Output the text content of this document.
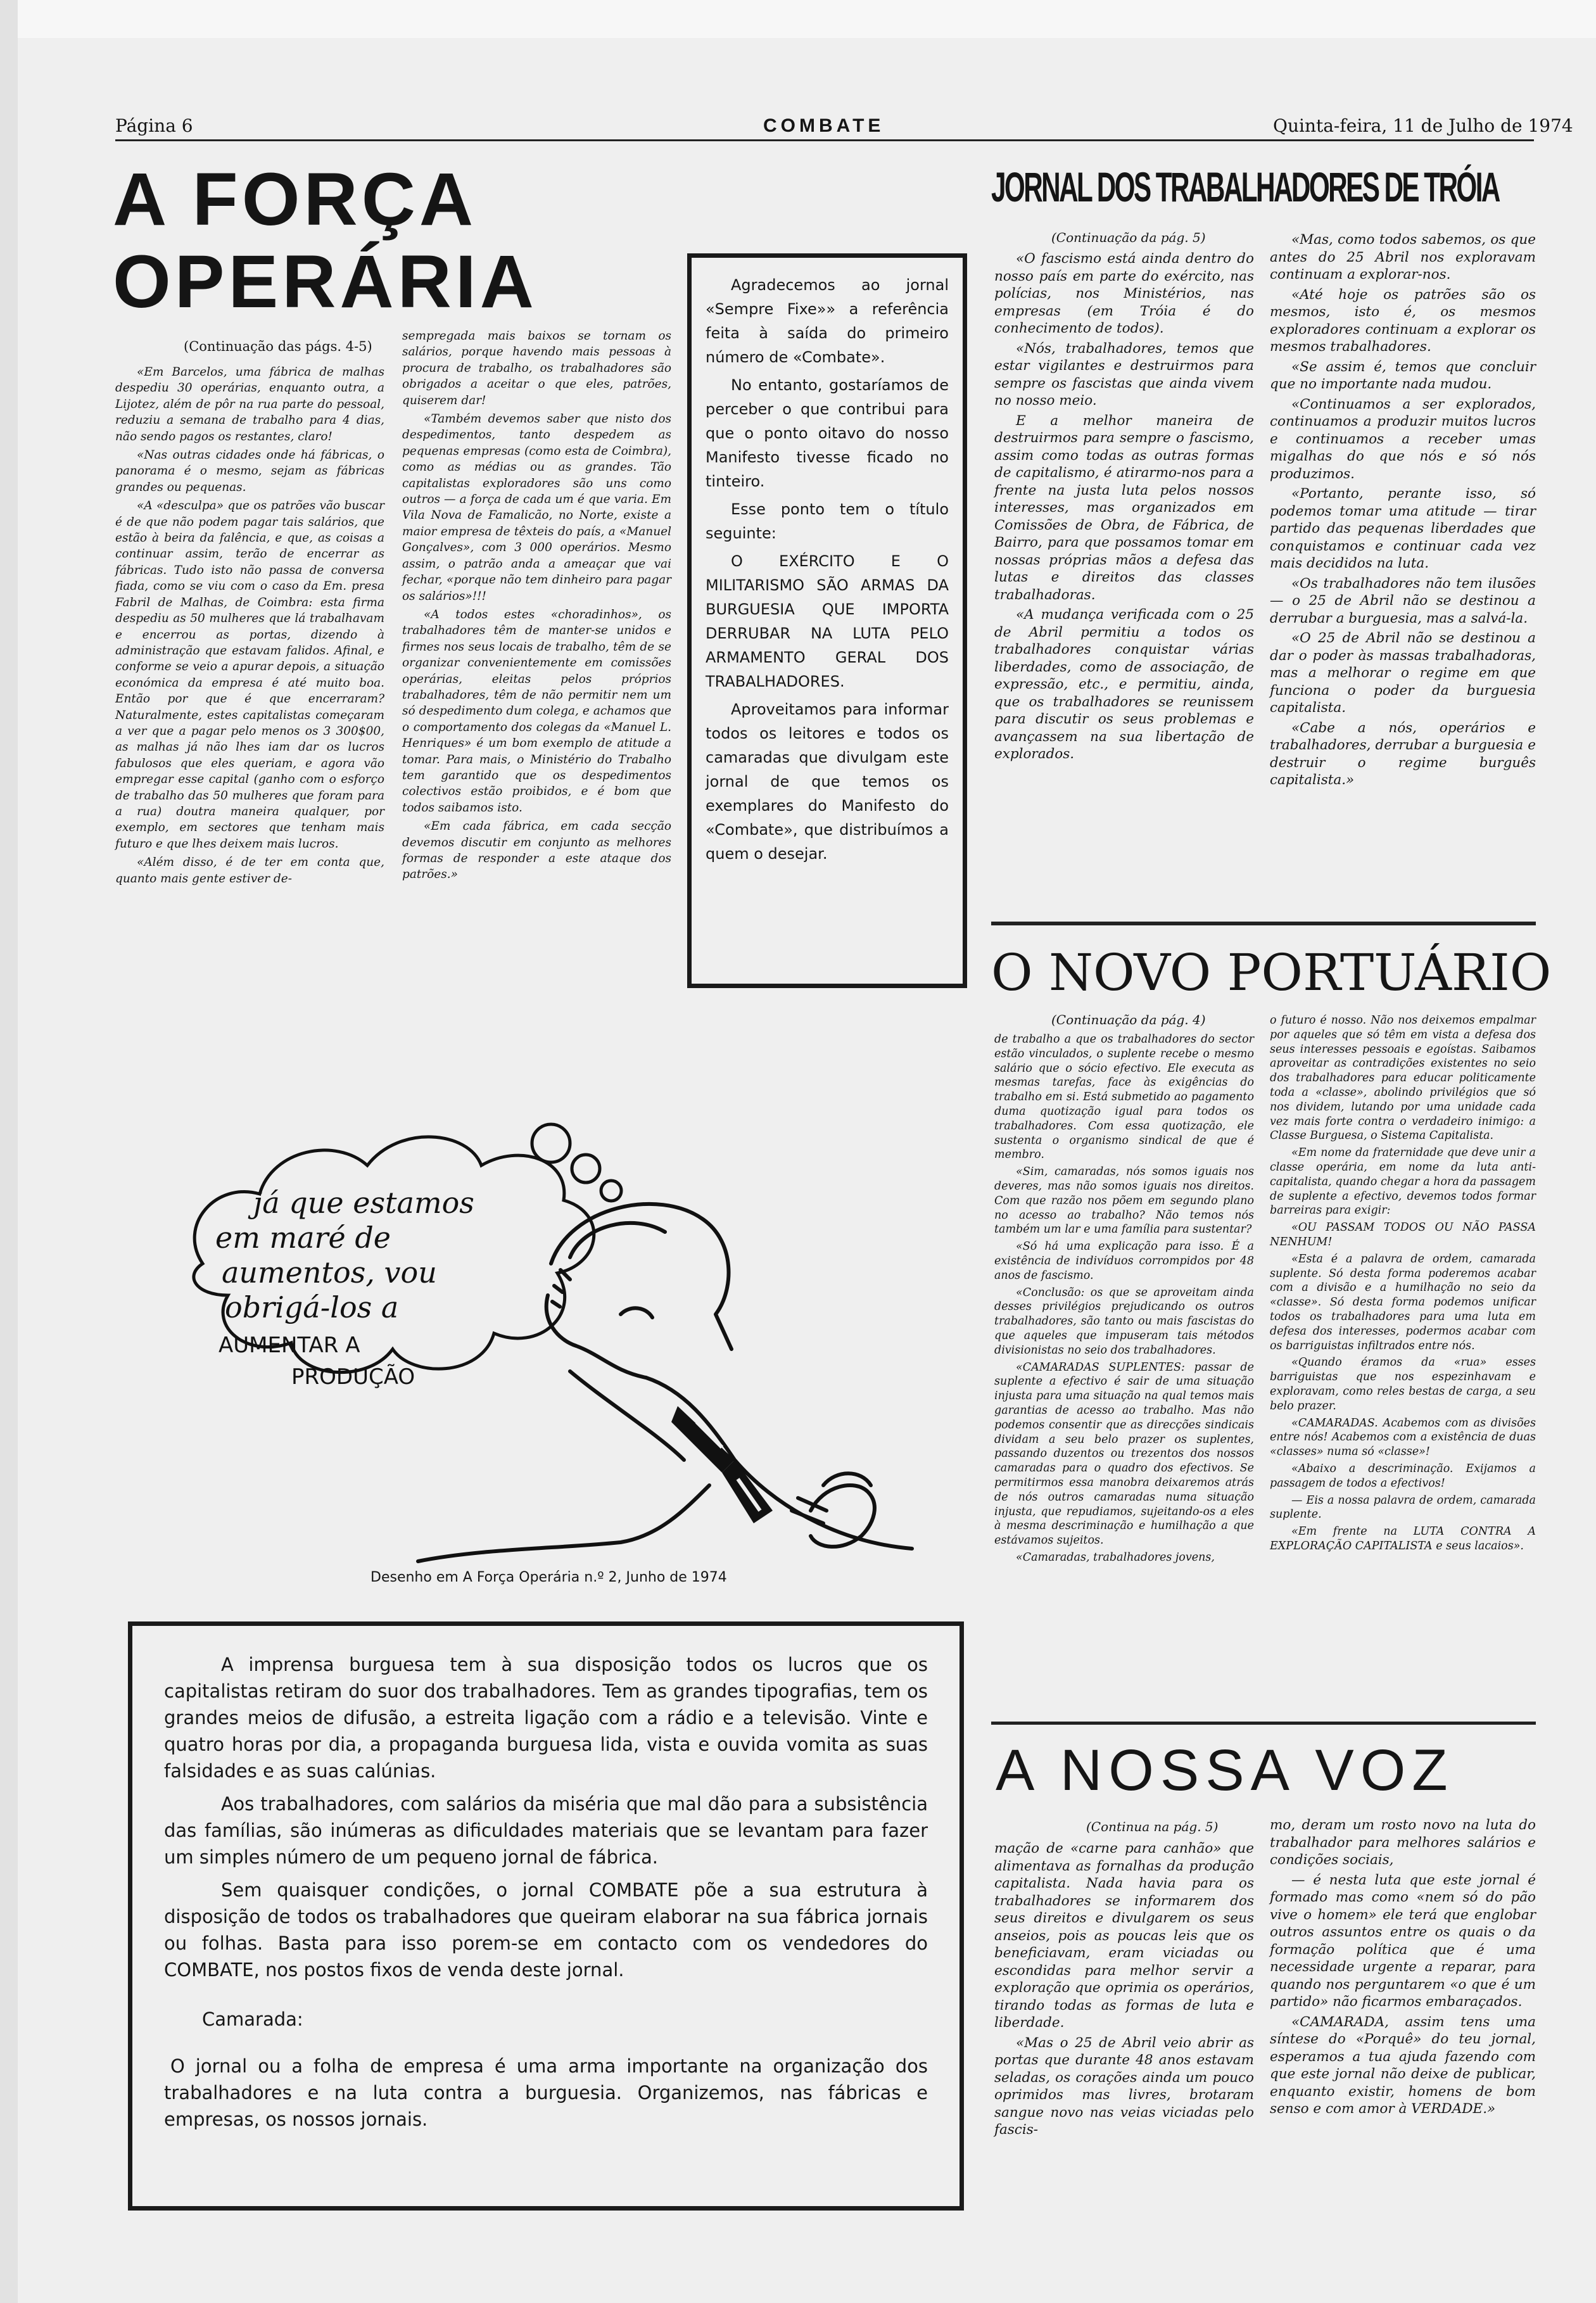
Página 6	COMBATE	Quinta-feira, 11 de Julho de 1974
A FORÇA
OPERÁRIA
(Continuação das págs. 4-5)

«Em Barcelos, uma fábrica de malhas despediu 30 operárias, enquanto outra, a Lijotez, além de pôr na rua parte do pessoal, reduziu a semana de trabalho para 4 dias, não sendo pagos os restantes, claro!

«Nas outras cidades onde há fábricas, o panorama é o mesmo, sejam as fábricas grandes ou pequenas.

«A «desculpa» que os patrões vão buscar é de que não podem pagar tais salários, que estão à beira da falência, e que, as coisas a continuar assim, terão de encerrar as fábricas. Tudo isto não passa de conversa fiada, como se viu com o caso da Em. presa Fabril de Malhas, de Coimbra: esta firma despediu as 50 mulheres que lá trabalhavam e encerrou as portas, dizendo à administração que estavam falidos. Afinal, e conforme se veio a apurar depois, a situação económica da empresa é até muito boa. Então por que é que encerraram? Naturalmente, estes capitalistas começaram a ver que a pagar pelo menos os 3 300$00, as malhas já não lhes iam dar os lucros fabulosos que eles queriam, e agora vão empregar esse capital (ganho com o esforço de trabalho das 50 mulheres que foram para a rua) doutra maneira qualquer, por exemplo, em sectores que tenham mais futuro e que lhes deixem mais lucros.

«Além disso, é de ter em conta que, quanto mais gente estiver de-

sempregada mais baixos se tornam os salários, porque havendo mais pessoas à procura de trabalho, os trabalhadores são obrigados a aceitar o que eles, patrões, quiserem dar!

«Também devemos saber que nisto dos despedimentos, tanto despedem as pequenas empresas (como esta de Coimbra), como as médias ou as grandes. Tão capitalistas exploradores são uns como outros — a força de cada um é que varia. Em Vila Nova de Famalicão, no Norte, existe a maior empresa de têxteis do país, a «Manuel Gonçalves», com 3 000 operários. Mesmo assim, o patrão anda a ameaçar que vai fechar, «porque não tem dinheiro para pagar os salários»!!!

«A todos estes «choradinhos», os trabalhadores têm de manter-se unidos e firmes nos seus locais de trabalho, têm de se organizar convenientemente em comissões operárias, eleitas pelos próprios trabalhadores, têm de não permitir nem um só despedimento dum colega, e achamos que o comportamento dos colegas da «Manuel L. Henriques» é um bom exemplo de atitude a tomar. Para mais, o Ministério do Trabalho tem garantido que os despedimentos colectivos estão proibidos, e é bom que todos saibamos isto.

«Em cada fábrica, em cada secção devemos discutir em conjunto as melhores formas de responder a este ataque dos patrões.»

Agradecemos ao jornal «Sempre Fixe»» a referência feita à saída do primeiro número de «Combate».
No entanto, gostaríamos de perceber o que contribui para que o ponto oitavo do nosso Manifesto tivesse ficado no tinteiro.
Esse ponto tem o título seguinte:
O EXÉRCITO E O MILITARISMO SÃO ARMAS DA BURGUESIA QUE IMPORTA DERRUBAR NA LUTA PELO ARMAMENTO GERAL DOS TRABALHADORES.
Aproveitamos para informar todos os leitores e todos os camaradas que divulgam este jornal de que temos os exemplares do Manifesto do «Combate», que distribuímos a quem o desejar.
já que estamos
em maré de
aumentos, vou
obrigá-los a
AUMENTAR A
PRODUÇÃO
Desenho em A Força Operária n.º 2, Junho de 1974
A imprensa burguesa tem à sua disposição todos os lucros que os capitalistas retiram do suor dos trabalhadores. Tem as grandes tipografias, tem os grandes meios de difusão, a estreita ligação com a rádio e a televisão. Vinte e quatro horas por dia, a propaganda burguesa lida, vista e ouvida vomita as suas falsidades e as suas calúnias.
Aos trabalhadores, com salários da miséria que mal dão para a subsistência das famílias, são inúmeras as dificuldades materiais que se levantam para fazer um simples número de um pequeno jornal de fábrica.
Sem quaisquer condições, o jornal COMBATE põe a sua estrutura à disposição de todos os trabalhadores que queiram elaborar na sua fábrica jornais ou folhas. Basta para isso porem-se em contacto com os vendedores do COMBATE, nos postos fixos de venda deste jornal.
Camarada:
O jornal ou a folha de empresa é uma arma importante na organização dos trabalhadores e na luta contra a burguesia. Organizemos, nas fábricas e empresas, os nossos jornais.
JORNAL DOS TRABALHADORES DE TRÓIA
(Continuação da pág. 5)

«O fascismo está ainda dentro do nosso país em parte do exército, nas polícias, nos Ministérios, nas empresas (em Tróia é do conhecimento de todos).

«Nós, trabalhadores, temos que estar vigilantes e destruirmos para sempre os fascistas que ainda vivem no nosso meio.

E a melhor maneira de destruirmos para sempre o fascismo, assim como todas as outras formas de capitalismo, é atirarmo-nos para a frente na justa luta pelos nossos interesses, mas organizados em Comissões de Obra, de Fábrica, de Bairro, para que possamos tomar em nossas próprias mãos a defesa das lutas e direitos das classes trabalhadoras.

«A mudança verificada com o 25 de Abril permitiu a todos os trabalhadores conquistar várias liberdades, como de associação, de expressão, etc., e permitiu, ainda, que os trabalhadores se reunissem para discutir os seus problemas e avançassem na sua libertação de explorados.

«Mas, como todos sabemos, os que antes do 25 Abril nos exploravam continuam a explorar-nos.

«Até hoje os patrões são os mesmos, isto é, os mesmos exploradores continuam a explorar os mesmos trabalhadores.

«Se assim é, temos que concluir que no importante nada mudou.

«Continuamos a ser explorados, continuamos a produzir muitos lucros e continuamos a receber umas migalhas do que nós e só nós produzimos.

«Portanto, perante isso, só podemos tomar uma atitude — tirar partido das pequenas liberdades que conquistamos e continuar cada vez mais decididos na luta.

«Os trabalhadores não tem ilusões — o 25 de Abril não se destinou a derrubar a burguesia, mas a salvá-la.

«O 25 de Abril não se destinou a dar o poder às massas trabalhadoras, mas a melhorar o regime em que funciona o poder da burguesia capitalista.

«Cabe a nós, operários e trabalhadores, derrubar a burguesia e destruir o regime burguês capitalista.»

O NOVO PORTUÁRIO
(Continuação da pág. 4)

de trabalho a que os trabalhadores do sector estão vinculados, o suplente recebe o mesmo salário que o sócio efectivo. Ele executa as mesmas tarefas, face às exigências do trabalho em si. Está submetido ao pagamento duma quotização igual para todos os trabalhadores. Com essa quotização, ele sustenta o organismo sindical de que é membro.

«Sim, camaradas, nós somos iguais nos deveres, mas não somos iguais nos direitos. Com que razão nos põem em segundo plano no acesso ao trabalho? Não temos nós também um lar e uma família para sustentar?

«Só há uma explicação para isso. É a existência de indivíduos corrompidos por 48 anos de fascismo.

«Conclusão: os que se aproveitam ainda desses privilégios prejudicando os outros trabalhadores, são tanto ou mais fascistas do que aqueles que impuseram tais métodos divisionistas no seio dos trabalhadores.

«CAMARADAS SUPLENTES: passar de suplente a efectivo é sair de uma situação injusta para uma situação na qual temos mais garantias de acesso ao trabalho. Mas não podemos consentir que as direcções sindicais dividam a seu belo prazer os suplentes, passando duzentos ou trezentos dos nossos camaradas para o quadro dos efectivos. Se permitirmos essa manobra deixaremos atrás de nós outros camaradas numa situação injusta, que repudiamos, sujeitando-os a eles à mesma descriminação e humilhação a que estávamos sujeitos.

«Camaradas, trabalhadores jovens,

o futuro é nosso. Não nos deixemos empalmar por aqueles que só têm em vista a defesa dos seus interesses pessoais e egoístas. Saibamos aproveitar as contradições existentes no seio dos trabalhadores para educar politicamente toda a «classe», abolindo privilégios que só nos dividem, lutando por uma unidade cada vez mais forte contra o verdadeiro inimigo: a Classe Burguesa, o Sistema Capitalista.

«Em nome da fraternidade que deve unir a classe operária, em nome da luta anti-capitalista, quando chegar a hora da passagem de suplente a efectivo, devemos todos formar barreiras para exigir:

«OU PASSAM TODOS OU NÃO PASSA NENHUM!

«Esta é a palavra de ordem, camarada suplente. Só desta forma poderemos acabar com a divisão e a humilhação no seio da «classe». Só desta forma podemos unificar todos os trabalhadores para uma luta em defesa dos interesses, podermos acabar com os barriguistas infiltrados entre nós.

«Quando éramos da «rua» esses barriguistas que nos espezinhavam e exploravam, como reles bestas de carga, a seu belo prazer.

«CAMARADAS. Acabemos com as divisões entre nós! Acabemos com a existência de duas «classes» numa só «classe»!

«Abaixo a descriminação. Exijamos a passagem de todos a efectivos!

— Eis a nossa palavra de ordem, camarada suplente.

«Em frente na LUTA CONTRA A EXPLORAÇÃO CAPITALISTA e seus lacaios».

A NOSSA VOZ
(Continua na pág. 5)

mação de «carne para canhão» que alimentava as fornalhas da produção capitalista. Nada havia para os trabalhadores se informarem dos seus direitos e divulgarem os seus anseios, pois as poucas leis que os beneficiavam, eram viciadas ou escondidas para melhor servir a exploração que oprimia os operários, tirando todas as formas de luta e liberdade.

«Mas o 25 de Abril veio abrir as portas que durante 48 anos estavam seladas, os corações ainda um pouco oprimidos mas livres, brotaram sangue novo nas veias viciadas pelo fascis-

mo, deram um rosto novo na luta do trabalhador para melhores salários e condições sociais,

— é nesta luta que este jornal é formado mas como «nem só do pão vive o homem» ele terá que englobar outros assuntos entre os quais o da formação política que é uma necessidade urgente a reparar, para quando nos perguntarem «o que é um partido» não ficarmos embaraçados.

«CAMARADA, assim tens uma síntese do «Porquê» do teu jornal, esperamos a tua ajuda fazendo com que este jornal não deixe de publicar, enquanto existir, homens de bom senso e com amor à VERDADE.»
